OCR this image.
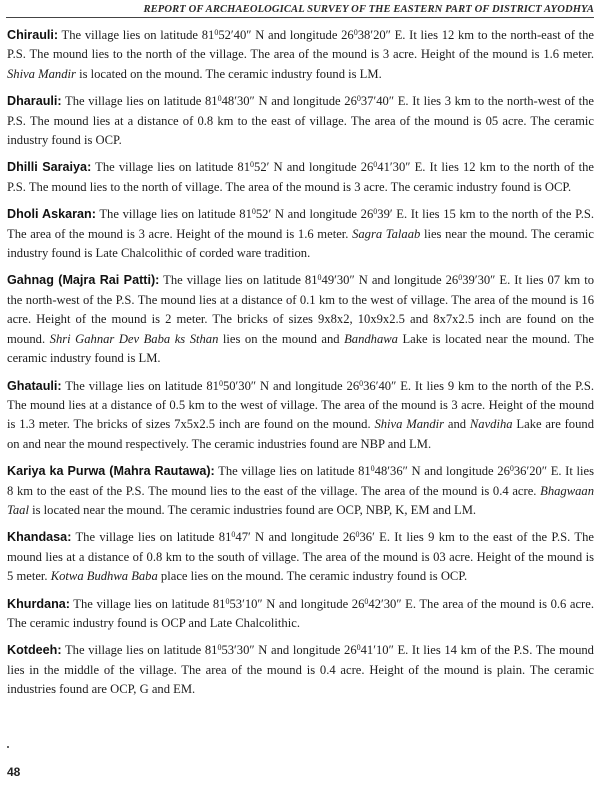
REPORT OF ARCHAEOLOGICAL SURVEY OF THE EASTERN PART OF DISTRICT AYODHYA

Chirauli: The village lies on latitude $81^052'40''$ N and longitude $26^038'20''$ E. It lies 12 km to the north-east of the P.S. The mound lies to the north of the village. The area of the mound is 3 acre. Height of the mound is 1.6 meter. Shiva Mandir is located on the mound. The ceramic industry found is LM.

Dharauli: The village lies on latitude $81^048'30''$ N and longitude $26^037'40''$ E. It lies 3 km to the north-west of the P.S. The mound lies at a distance of 0.8 km to the east of village. The area of the mound is 05 acre. The ceramic industry found is OCP.

Dhilli Saraiya: The village lies on latitude $81^052'$ N and longitude $26^041'30''$ E. It lies 12 km to the north of the P.S. The mound lies to the north of village. The area of the mound is 3 acre. The ceramic industry found is OCP.

Dholi Askaran: The village lies on latitude $81^052'$ N and longitude $26^039'$ E. It lies 15 km to the north of the P.S. The area of the mound is 3 acre. Height of the mound is 1.6 meter. Sagra Talaab lies near the mound. The ceramic industry found is Late Chalcolithic of corded ware tradition.

Gahnag (Majra Rai Patti): The village lies on latitude $81^049'30''$ N and longitude $26^039'30''$ E. It lies 07 km to the north-west of the P.S. The mound lies at a distance of 0.1 km to the west of village. The area of the mound is 16 acre. Height of the mound is 2 meter. The bricks of sizes 9x8x2, 10x9x2.5 and 8x7x2.5 inch are found on the mound. Shri Gahnar Dev Baba ks Sthan lies on the mound and Bandhawa Lake is located near the mound. The ceramic industry found is LM.

Ghatauli: The village lies on latitude $81^050'30''$ N and longitude $26^036'40''$ E. It lies 9 km to the north of the P.S. The mound lies at a distance of 0.5 km to the west of village. The area of the mound is 3 acre. Height of the mound is 1.3 meter. The bricks of sizes 7x5x2.5 inch are found on the mound. Shiva Mandir and Navdiha Lake are found on and near the mound respectively. The ceramic industries found are NBP and LM.

Kariya ka Purwa (Mahra Rautawa): The village lies on latitude $81^048'36''$ N and longitude $26^036'20''$ E. It lies 8 km to the east of the P.S. The mound lies to the east of the village. The area of the mound is 0.4 acre. Bhagwaan Taal is located near the mound. The ceramic industries found are OCP, NBP, K, EM and LM.

Khandasa: The village lies on latitude $81^047'$ N and longitude $26^036'$ E. It lies 9 km to the east of the P.S. The mound lies at a distance of 0.8 km to the south of village. The area of the mound is 03 acre. Height of the mound is 5 meter. Kotwa Budhwa Baba place lies on the mound. The ceramic industry found is OCP.

Khurdana: The village lies on latitude $81^053'10''$ N and longitude $26^042'30''$ E. The area of the mound is 0.6 acre. The ceramic industry found is OCP and Late Chalcolithic.

Kotdeeh: The village lies on latitude $81^053'30''$ N and longitude $26^041'10''$ E. It lies 14 km of the P.S. The mound lies in the middle of the village. The area of the mound is 0.4 acre. Height of the mound is plain. The ceramic industries found are OCP, G and EM.

48
